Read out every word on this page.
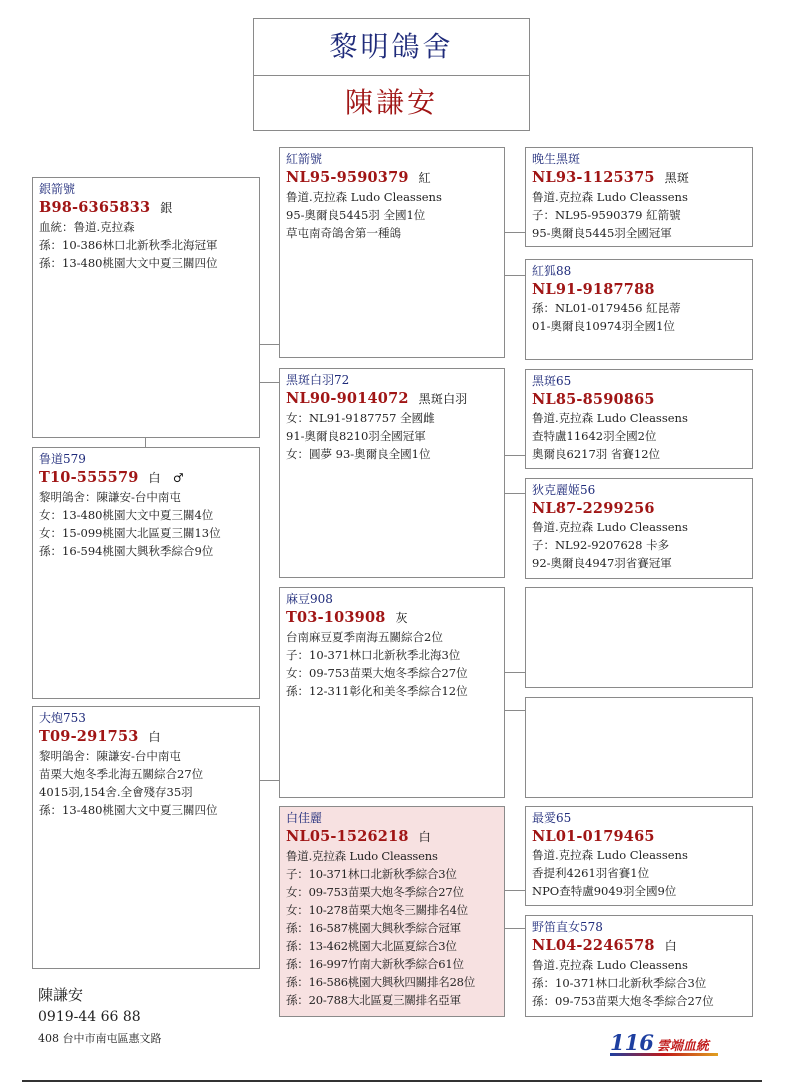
黎明鴿舍
陳謙安
銀箭號
B98-6365833 銀
血統：鲁道.克拉森
孫：10-386林口北新秋季北海冠軍
孫：13-480桃園大文中夏三關四位
鲁道579
T10-555579 白　♂
黎明鴿舍：陳謙安-台中南屯
女：13-480桃園大文中夏三關4位
女：15-099桃園大北區夏三關13位
孫：16-594桃園大興秋季綜合9位
大炮753
T09-291753 白
黎明鴿舍：陳謙安-台中南屯
苗栗大炮冬季北海五關綜合27位
4015羽,154舍.全會殘存35羽
孫：13-480桃園大文中夏三關四位
紅箭號
NL95-9590379 紅
鲁道.克拉森 Ludo Cleassens
95-奧爾良5445羽 全國1位
草屯南奇鴿舍第一種鴿
黑斑白羽72
NL90-9014072 黑斑白羽
女：NL91-9187757 全國雌
91-奧爾良8210羽全國冠軍
女：圓夢 93-奧爾良全國1位
麻豆908
T03-103908 灰
台南麻豆夏季南海五關綜合2位
子：10-371林口北新秋季北海3位
女：09-753苗栗大炮冬季綜合27位
孫：12-311彰化和美冬季綜合12位
白佳麗
NL05-1526218 白
鲁道.克拉森 Ludo Cleassens
子：10-371林口北新秋季綜合3位
女：09-753苗栗大炮冬季綜合27位
女：10-278苗栗大炮冬三關排名4位
孫：16-587桃園大興秋季綜合冠軍
孫：13-462桃園大北區夏綜合3位
孫：16-997竹南大新秋季綜合61位
孫：16-586桃園大興秋四關排名28位
孫：20-788大北區夏三關排名亞軍
晚生黑斑
NL93-1125375 黑斑
鲁道.克拉森 Ludo Cleassens
子：NL95-9590379 紅箭號
95-奧爾良5445羽全國冠軍
紅狐88
NL91-9187788
孫：NL01-0179456 紅昆蒂
01-奧爾良10974羽全國1位
黑斑65
NL85-8590865
鲁道.克拉森 Ludo Cleassens
查特盧11642羽全國2位
奧爾良6217羽 省賽12位
狄克麗姬56
NL87-2299256
鲁道.克拉森 Ludo Cleassens
子：NL92-9207628 卡多
92-奧爾良4947羽省賽冠軍
最愛65
NL01-0179465
鲁道.克拉森 Ludo Cleassens
香提利4261羽省賽1位
NPO查特盧9049羽全國9位
野笛直女578
NL04-2246578 白
鲁道.克拉森 Ludo Cleassens
孫：10-371林口北新秋季綜合3位
孫：09-753苗栗大炮冬季綜合27位
陳謙安
0919-44 66 88
408 台中市南屯區惠文路	116 雲端血統
